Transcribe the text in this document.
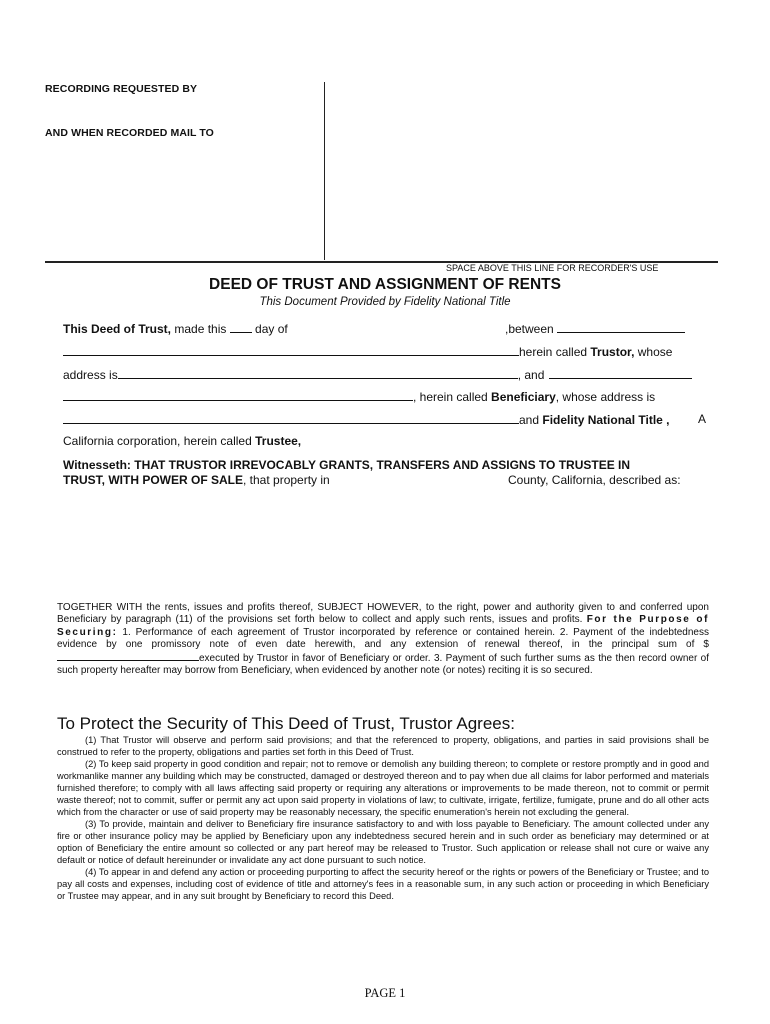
RECORDING REQUESTED BY
AND WHEN RECORDED MAIL TO
SPACE ABOVE THIS LINE FOR RECORDER'S USE
DEED OF TRUST AND ASSIGNMENT OF RENTS
This Document Provided by Fidelity National Title
This Deed of Trust, made this  day of	,between
herein called Trustor, whose
address is	, and
, herein called Beneficiary, whose address is
and Fidelity National Title ,	A
California corporation, herein called Trustee,
Witnesseth: THAT TRUSTOR IRREVOCABLY GRANTS, TRANSFERS AND ASSIGNS TO TRUSTEE IN
TRUST, WITH POWER OF SALE, that property in	County, California, described as:
TOGETHER WITH the rents, issues and profits thereof, SUBJECT HOWEVER, to the right, power and authority given to and conferred upon Beneficiary by paragraph (11) of the provisions set forth below to collect and apply such rents, issues and profits. For the Purpose of Securing: 1. Performance of each agreement of Trustor incorporated by reference or contained herein. 2. Payment of the indebtedness evidence by one promissory note of even date herewith, and any extension of renewal thereof, in the principal sum of $executed by Trustor in favor of Beneficiary or order. 3. Payment of such further sums as the then record owner of such property hereafter may borrow from Beneficiary, when evidenced by another note (or notes) reciting it is so secured.
To Protect the Security of This Deed of Trust, Trustor Agrees:
(1) That Trustor will observe and perform said provisions; and that the referenced to property, obligations, and parties in said provisions shall be construed to refer to the property, obligations and parties set forth in this Deed of Trust.
(2) To keep said property in good condition and repair; not to remove or demolish any building thereon; to complete or restore promptly and in good and workmanlike manner any building which may be constructed, damaged or destroyed thereon and to pay when due all claims for labor performed and materials furnished therefore; to comply with all laws affecting said property or requiring any alterations or improvements to be made thereon, not to commit or permit waste thereof; not to commit, suffer or permit any act upon said property in violations of law; to cultivate, irrigate, fertilize, fumigate, prune and do all other acts which from the character or use of said property may be reasonably necessary, the specific enumeration's herein not excluding the general.
(3) To provide, maintain and deliver to Beneficiary fire insurance satisfactory to and with loss payable to Beneficiary. The amount collected under any fire or other insurance policy may be applied by Beneficiary upon any indebtedness secured herein and in such order as beneficiary may determined or at option of Beneficiary the entire amount so collected or any part hereof may be released to Trustor. Such application or release shall not cure or waive any default or notice of default hereinunder or invalidate any act done pursuant to such notice.
(4) To appear in and defend any action or proceeding purporting to affect the security hereof or the rights or powers of the Beneficiary or Trustee; and to pay all costs and expenses, including cost of evidence of title and attorney's fees in a reasonable sum, in any such action or proceeding in which Beneficiary or Trustee may appear, and in any suit brought by Beneficiary to record this Deed.
PAGE 1
